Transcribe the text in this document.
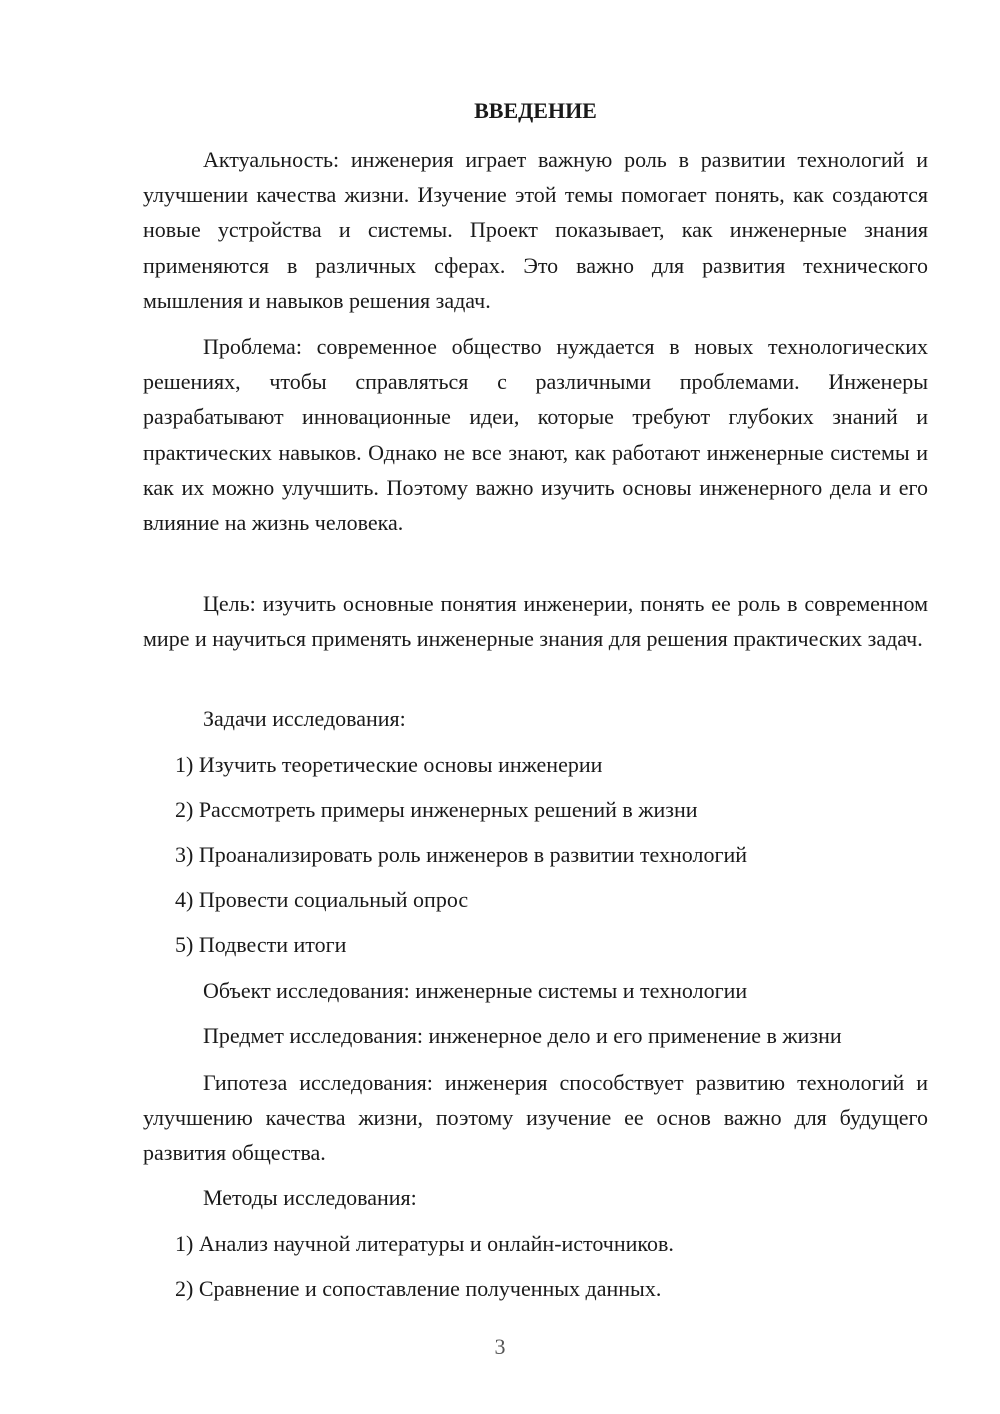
ВВЕДЕНИЕ

Актуальность: инженерия играет важную роль в развитии технологий и улучшении качества жизни. Изучение этой темы помогает понять, как создаются новые устройства и системы. Проект показывает, как инженерные знания применяются в различных сферах. Это важно для развития технического мышления и навыков решения задач.

Проблема: современное общество нуждается в новых технологических решениях, чтобы справляться с различными проблемами. Инженеры разрабатывают инновационные идеи, которые требуют глубоких знаний и практических навыков. Однако не все знают, как работают инженерные системы и как их можно улучшить. Поэтому важно изучить основы инженерного дела и его влияние на жизнь человека.

Цель: изучить основные понятия инженерии, понять ее роль в современном мире и научиться применять инженерные знания для решения практических задач.

Задачи исследования:
1) Изучить теоретические основы инженерии
2) Рассмотреть примеры инженерных решений в жизни
3) Проанализировать роль инженеров в развитии технологий
4) Провести социальный опрос
5) Подвести итоги
Объект исследования: инженерные системы и технологии
Предмет исследования: инженерное дело и его применение в жизни

Гипотеза исследования: инженерия способствует развитию технологий и улучшению качества жизни, поэтому изучение ее основ важно для будущего развития общества.

Методы исследования:
1) Анализ научной литературы и онлайн-источников.
2) Сравнение и сопоставление полученных данных.
3
